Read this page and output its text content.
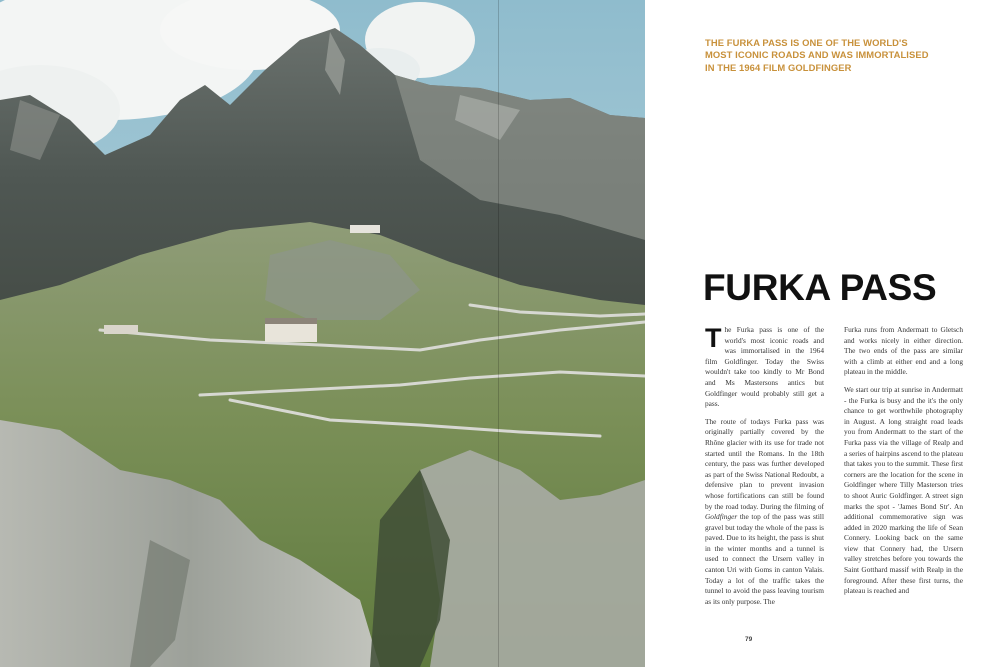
THE FURKA PASS IS ONE OF THE WORLD'S MOST ICONIC ROADS AND WAS IMMORTALISED IN THE 1964 FILM GOLDFINGER

FURKA PASS

The Furka pass is one of the world's most iconic roads and was immortalised in the 1964 film Goldfinger. Today the Swiss wouldn't take too kindly to Mr Bond and Ms Mastersons antics but Goldfinger would probably still get a pass.

The route of todays Furka pass was originally partially covered by the Rhône glacier with its use for trade not started until the Romans. In the 18th century, the pass was further developed as part of the Swiss National Redoubt, a defensive plan to prevent invasion whose fortifications can still be found by the road today. During the filming of Goldfinger the top of the pass was still gravel but today the whole of the pass is paved. Due to its height, the pass is shut in the winter months and a tunnel is used to connect the Ursern valley in canton Uri with Goms in canton Valais. Today a lot of the traffic takes the tunnel to avoid the pass leaving tourism as its only purpose. The

Furka runs from Andermatt to Gletsch and works nicely in either direction. The two ends of the pass are similar with a climb at either end and a long plateau in the middle.

We start our trip at sunrise in Andermatt - the Furka is busy and the it's the only chance to get worthwhile photography in August. A long straight road leads you from Andermatt to the start of the Furka pass via the village of Realp and a series of hairpins ascend to the plateau that takes you to the summit. These first corners are the location for the scene in Goldfinger where Tilly Masterson tries to shoot Auric Goldfinger. A street sign marks the spot - 'James Bond Str'. An additional commemorative sign was added in 2020 marking the life of Sean Connery. Looking back on the same view that Connery had, the Ursern valley stretches before you towards the Saint Gotthard massif with Realp in the foreground. After these first turns, the plateau is reached and

79
